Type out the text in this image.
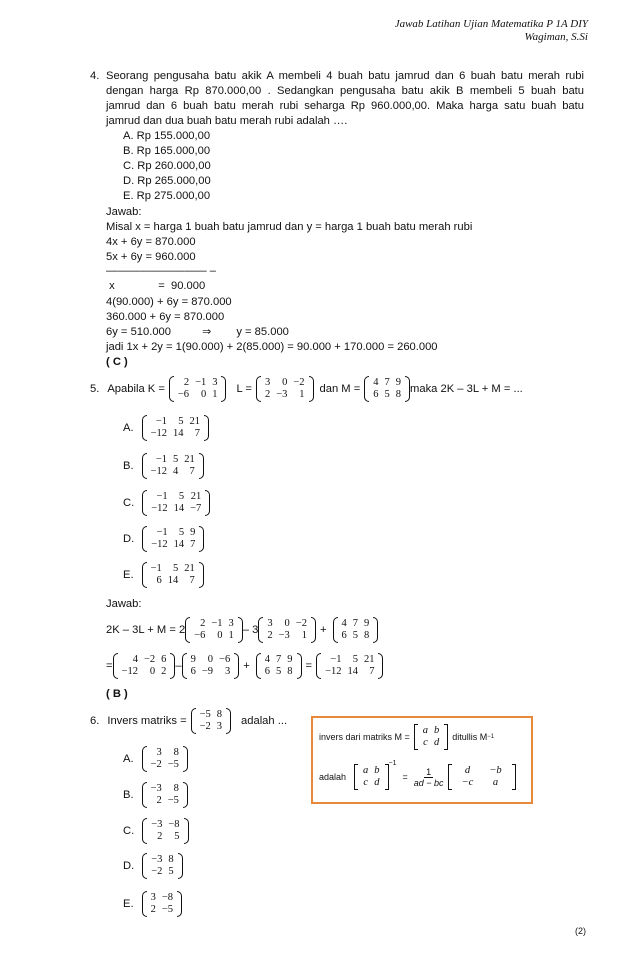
Jawab Latihan Ujian Matematika P 1A DIY
Wagiman, S.Si
4. Seorang pengusaha batu akik A membeli 4 buah batu jamrud dan 6 buah batu merah rubi
dengan harga Rp 870.000,00 . Sedangkan pengusaha batu akik B membeli 5 buah batu
jamrud dan 6 buah batu merah rubi seharga Rp 960.000,00. Maka harga satu buah batu
jamrud dan dua buah batu merah rubi adalah ….
A. Rp 155.000,00
B. Rp 165.000,00
C. Rp 260.000,00
D. Rp 265.000,00
E. Rp 275.000,00
Jawab:
Misal x = harga 1 buah batu jamrud dan y = harga 1 buah batu merah rubi
4x + 6y = 870.000
5x + 6y = 960.000
————————— –
x              =  90.000
4(90.000) + 6y = 870.000
360.000 + 6y = 870.000
6y = 510.000          ⇒        y = 85.000
jadi 1x + 2y = 1(90.000) + 2(85.000) = 90.000 + 170.000 = 260.000
( C )
5. Apabila K =
2	−1	3
−6	0	1 L =
3	0	−2
2	−3	1 dan M =
4	7	9
6	5	8 maka 2K – 3L + M = ...
A.
−1	5	21
−12	14	7
B.
−1	5	21
−12	4	7
C.
−1	5	21
−12	14	−7
D.
−1	5	9
−12	14	7
E.
−1	5	21
6	14	7
Jawab:
2K – 3L + M = 2
2	−1	3
−6	0	1 – 3
3	0	−2
2	−3	1 +
4	7	9
6	5	8
=
4	−2	6
−12	0	2 –
9	0	−6
6	−9	3 +
4	7	9
6	5	8 =
−1	5	21
−12	14	7
( B )
6. Invers matriks =
−5	8
−2	3 adalah ...
A.
3	8
−2	−5
B.
−3	8
2	−5
C.
−3	−8
2	5
D.
−3	8
−2	5
E.
3	−8
2	−5
invers dari matriks M =
a	b
c	d ditullis M −1
adalah
a	b
c	d
$^{-1}$
= $\frac{1}{ad - bc}$ d	−b
−c	a
(2)
